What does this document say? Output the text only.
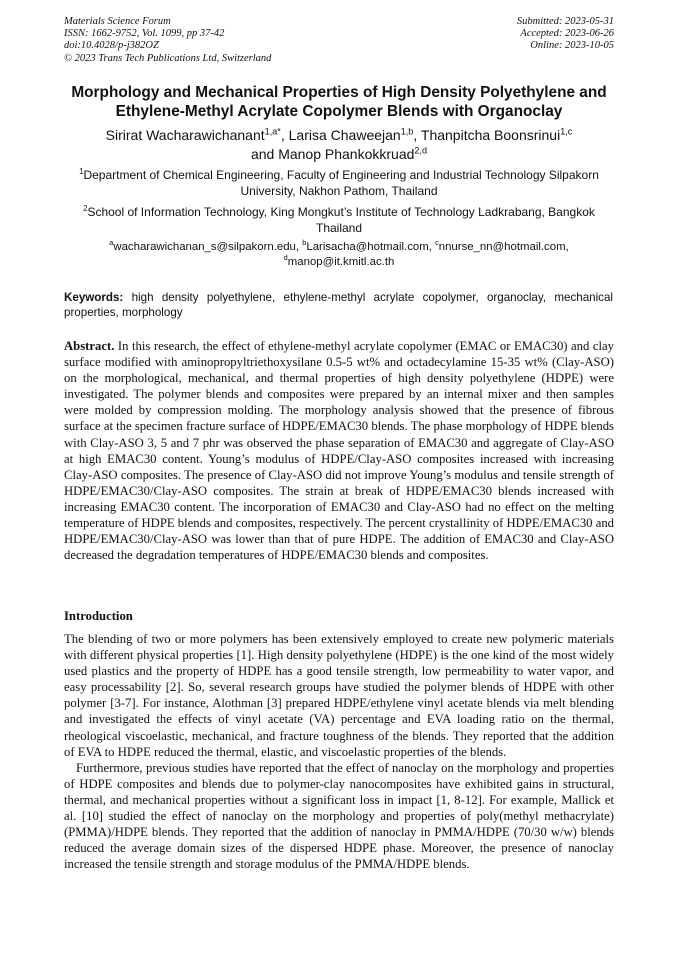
Materials Science Forum
ISSN: 1662-9752, Vol. 1099, pp 37-42
doi:10.4028/p-j382OZ
© 2023 Trans Tech Publications Ltd, Switzerland
Submitted: 2023-05-31
Accepted: 2023-06-26
Online: 2023-10-05
Morphology and Mechanical Properties of High Density Polyethylene and Ethylene-Methyl Acrylate Copolymer Blends with Organoclay
Sirirat Wacharawichanant$^{1,a*}$, Larisa Chaweejan$^{1,b}$, Thanpitcha Boonsrinui$^{1,c}$
and Manop Phankokkruad$^{2,d}$
$^1$Department of Chemical Engineering, Faculty of Engineering and Industrial Technology Silpakorn University, Nakhon Pathom, Thailand
$^2$School of Information Technology, King Mongkut’s Institute of Technology Ladkrabang, Bangkok Thailand
$^a$wacharawichanan_s@silpakorn.edu, $^b$Larisacha@hotmail.com, $^c$nnurse_nn@hotmail.com,
$^d$manop@it.kmitl.ac.th
Keywords: high density polyethylene, ethylene-methyl acrylate copolymer, organoclay, mechanical properties, morphology
Abstract. In this research, the effect of ethylene-methyl acrylate copolymer (EMAC or EMAC30) and clay surface modified with aminopropyltriethoxysilane 0.5-5 wt% and octadecylamine 15-35 wt% (Clay-ASO) on the morphological, mechanical, and thermal properties of high density polyethylene (HDPE) were investigated. The polymer blends and composites were prepared by an internal mixer and then samples were molded by compression molding. The morphology analysis showed that the presence of fibrous surface at the specimen fracture surface of HDPE/EMAC30 blends. The phase morphology of HDPE blends with Clay-ASO 3, 5 and 7 phr was observed the phase separation of EMAC30 and aggregate of Clay-ASO at high EMAC30 content. Young’s modulus of HDPE/Clay-ASO composites increased with increasing Clay-ASO composites. The presence of Clay-ASO did not improve Young’s modulus and tensile strength of HDPE/EMAC30/Clay-ASO composites. The strain at break of HDPE/EMAC30 blends increased with increasing EMAC30 content. The incorporation of EMAC30 and Clay-ASO had no effect on the melting temperature of HDPE blends and composites, respectively. The percent crystallinity of HDPE/EMAC30 and HDPE/EMAC30/Clay-ASO was lower than that of pure HDPE. The addition of EMAC30 and Clay-ASO decreased the degradation temperatures of HDPE/EMAC30 blends and composites.
Introduction

The blending of two or more polymers has been extensively employed to create new polymeric materials with different physical properties [1]. High density polyethylene (HDPE) is the one kind of the most widely used plastics and the property of HDPE has a good tensile strength, low permeability to water vapor, and easy processability [2]. So, several research groups have studied the polymer blends of HDPE with other polymer [3-7]. For instance, Alothman [3] prepared HDPE/ethylene vinyl acetate blends via melt blending and investigated the effects of vinyl acetate (VA) percentage and EVA loading ratio on the thermal, rheological viscoelastic, mechanical, and fracture toughness of the blends. They reported that the addition of EVA to HDPE reduced the thermal, elastic, and viscoelastic properties of the blends.

Furthermore, previous studies have reported that the effect of nanoclay on the morphology and properties of HDPE composites and blends due to polymer-clay nanocomposites have exhibited gains in structural, thermal, and mechanical properties without a significant loss in impact [1, 8-12]. For example, Mallick et al. [10] studied the effect of nanoclay on the morphology and properties of poly(methyl methacrylate) (PMMA)/HDPE blends. They reported that the addition of nanoclay in PMMA/HDPE (70/30 w/w) blends reduced the average domain sizes of the dispersed HDPE phase. Moreover, the presence of nanoclay increased the tensile strength and storage modulus of the PMMA/HDPE blends.
